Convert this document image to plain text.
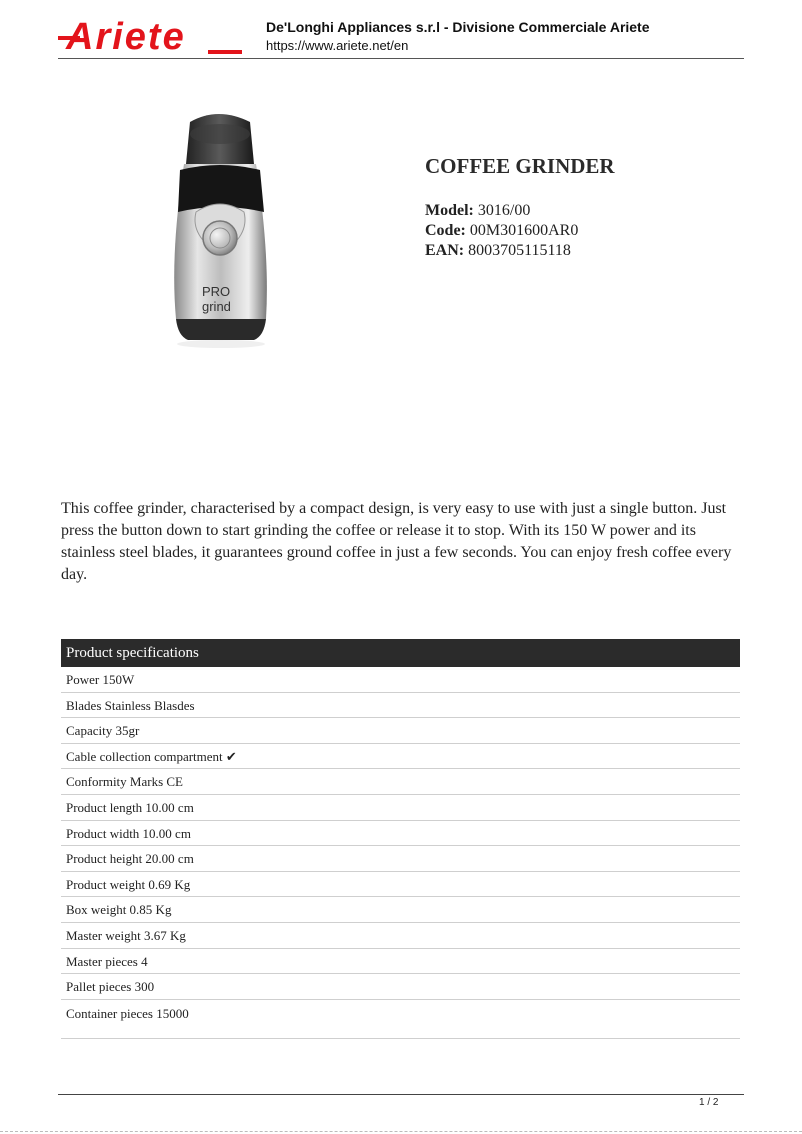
Ariete	De'Longhi Appliances s.r.l - Divisione Commerciale Ariete
https://www.ariete.net/en
PRO
grind
COFFEE GRINDER
Model: 3016/00
Code: 00M301600AR0
EAN: 8003705115118
This coffee grinder, characterised by a compact design, is very easy to use with just a single button. Just press the button down to start grinding the coffee or release it to stop. With its 150 W power and its stainless steel blades, it guarantees ground coffee in just a few seconds. You can enjoy fresh coffee every day.
Product specifications
Power 150W
Blades Stainless Blasdes
Capacity 35gr
Cable collection compartment ✔
Conformity Marks CE
Product length 10.00 cm
Product width 10.00 cm
Product height 20.00 cm
Product weight 0.69 Kg
Box weight 0.85 Kg
Master weight 3.67 Kg
Master pieces 4
Pallet pieces 300
Container pieces 15000
1 / 2
